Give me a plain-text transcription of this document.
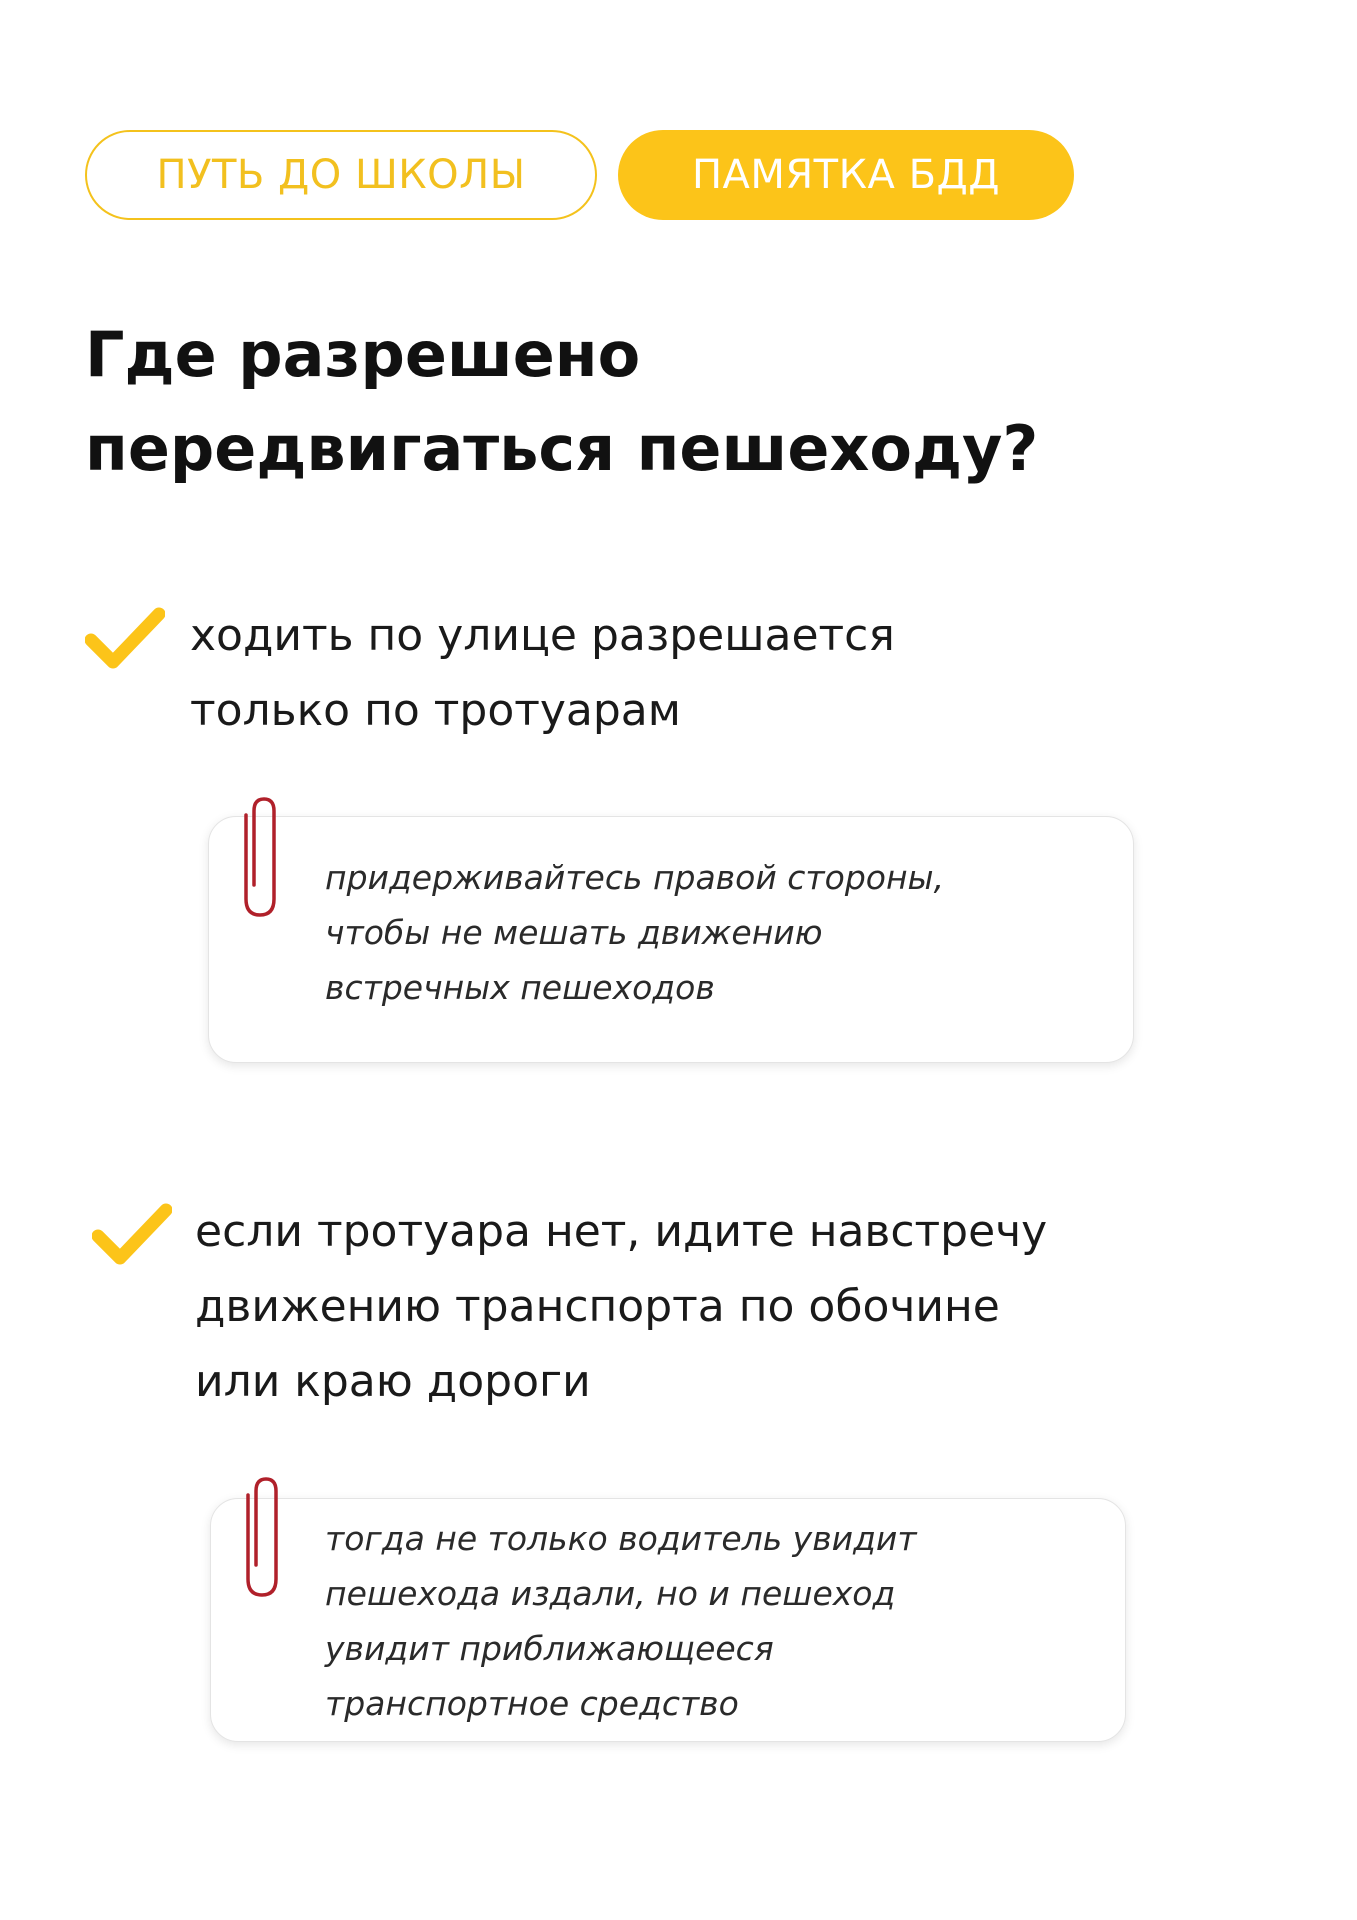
ПУТЬ ДО ШКОЛЫ	ПАМЯТКА БДД
Где разрешено
передвигаться пешеходу?

ходить по улице разрешается
только по тротуарам

придерживайтесь правой стороны,
чтобы не мешать движению
встречных пешеходов

если тротуара нет, идите навстречу
движению транспорта по обочине
или краю дороги

тогда не только водитель увидит
пешехода издали, но и пешеход
увидит приближающееся
транспортное средство
